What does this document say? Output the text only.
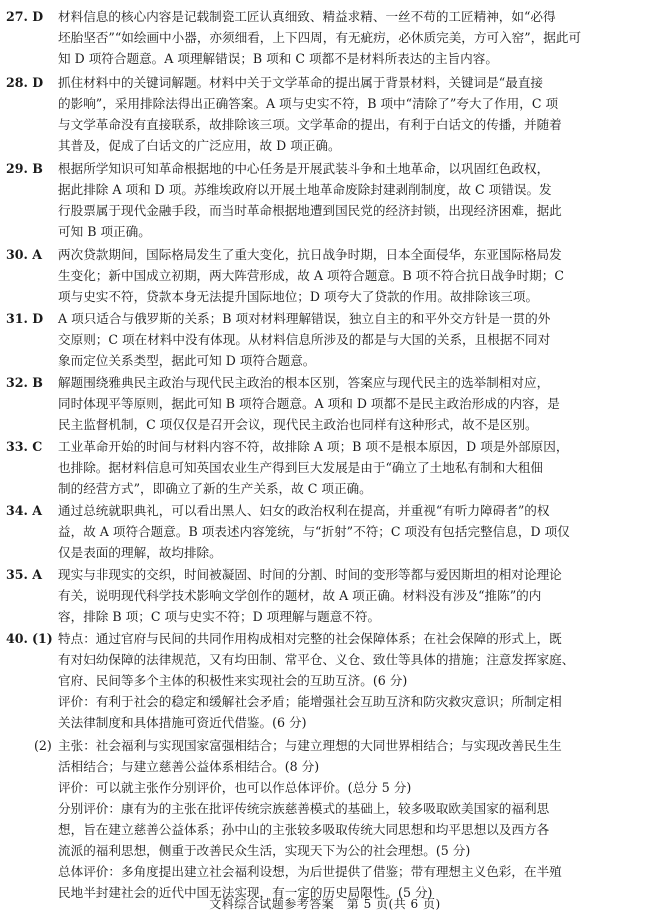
27. D	材料信息的核心内容是记载制瓷工匠认真细致、精益求精、一丝不苟的工匠精神，如“必得
坯胎坚否”“如绘画中小器，亦须细看，上下四周，有无疵疠，必休质完美，方可入窑”，据此可
知 D 项符合题意。A 项理解错误；B 项和 C 项都不是材料所表达的主旨内容。
28. D	抓住材料中的关键词解题。材料中关于文学革命的提出属于背景材料，关键词是“最直接
的影响”，采用排除法得出正确答案。A 项与史实不符，B 项中“清除了”夸大了作用，C 项
与文学革命没有直接联系，故排除该三项。文学革命的提出，有利于白话文的传播，并随着
其普及，促成了白话文的广泛应用，故 D 项正确。
29. B	根据所学知识可知革命根据地的中心任务是开展武装斗争和土地革命，以巩固红色政权，
据此排除 A 项和 D 项。苏维埃政府以开展土地革命废除封建剥削制度，故 C 项错误。发
行股票属于现代金融手段，而当时革命根据地遭到国民党的经济封锁，出现经济困难，据此
可知 B 项正确。
30. A	两次贷款期间，国际格局发生了重大变化，抗日战争时期，日本全面侵华，东亚国际格局发
生变化；新中国成立初期，两大阵营形成，故 A 项符合题意。B 项不符合抗日战争时期；C
项与史实不符，贷款本身无法提升国际地位；D 项夸大了贷款的作用。故排除该三项。
31. D	A 项只适合与俄罗斯的关系；B 项对材料理解错误，独立自主的和平外交方针是一贯的外
交原则；C 项在材料中没有体现。从材料信息所涉及的都是与大国的关系，且根据不同对
象而定位关系类型，据此可知 D 项符合题意。
32. B	解题围绕雅典民主政治与现代民主政治的根本区别，答案应与现代民主的选举制相对应，
同时体现平等原则，据此可知 B 项符合题意。A 项和 D 项都不是民主政治形成的内容，是
民主监督机制，C 项仅仅是召开会议，现代民主政治也同样有这种形式，故不是区别。
33. C	工业革命开始的时间与材料内容不符，故排除 A 项；B 项不是根本原因，D 项是外部原因，
也排除。据材料信息可知英国农业生产得到巨大发展是由于“确立了土地私有制和大租佃
制的经营方式”，即确立了新的生产关系，故 C 项正确。
34. A	通过总统就职典礼，可以看出黑人、妇女的政治权利在提高，并重视“有听力障碍者”的权
益，故 A 项符合题意。B 项表述内容笼统，与“折射”不符；C 项没有包括完整信息，D 项仅
仅是表面的理解，故均排除。
35. A	现实与非现实的交织，时间被凝固、时间的分割、时间的变形等都与爱因斯坦的相对论理论
有关，说明现代科学技术影响文学创作的题材，故 A 项正确。材料没有涉及“推陈”的内
容，排除 B 项；C 项与史实不符；D 项理解与题意不符。
40. (1) 特点：通过官府与民间的共同作用构成相对完整的社会保障体系；在社会保障的形式上，既
有对妇幼保障的法律规范，又有均田制、常平仓、义仓、致仕等具体的措施；注意发挥家庭、
官府、民间等多个主体的积极性来实现社会的互助互济。(6 分)
评价：有利于社会的稳定和缓解社会矛盾；能增强社会互助互济和防灾救灾意识；所制定相
关法律制度和具体措施可资近代借鉴。(6 分)
(2) 主张：社会福利与实现国家富强相结合；与建立理想的大同世界相结合；与实现改善民生生
活相结合；与建立慈善公益体系相结合。(8 分)
评价：可以就主张作分别评价，也可以作总体评价。(总分 5 分)
分别评价：康有为的主张在批评传统宗族慈善模式的基础上，较多吸取欧美国家的福利思
想，旨在建立慈善公益体系；孙中山的主张较多吸取传统大同思想和均平思想以及西方各
流派的福利思想，侧重于改善民众生活，实现天下为公的社会理想。(5 分)
总体评价：多角度提出建立社会福利设想，为后世提供了借鉴；带有理想主义色彩，在半殖
民地半封建社会的近代中国无法实现，有一定的历史局限性。(5 分)
文科综合试题参考答案　第 5 页(共 6 页)
